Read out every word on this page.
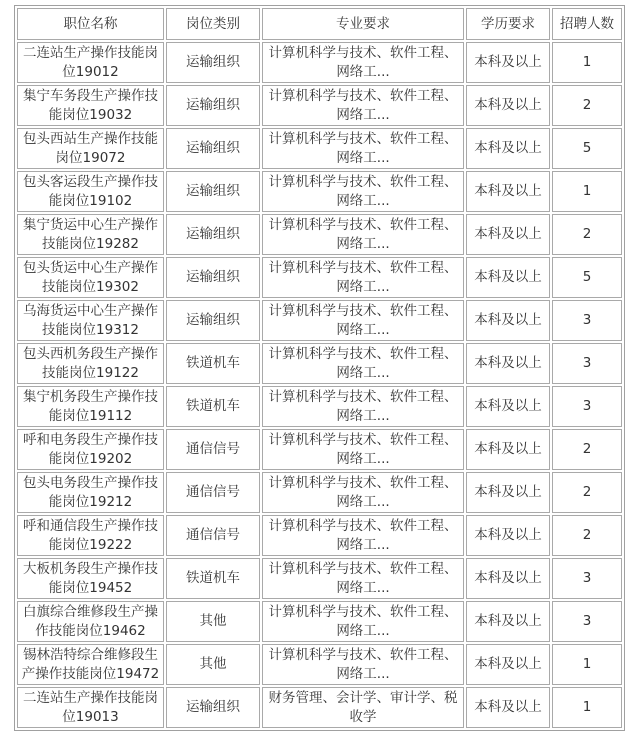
职位名称	岗位类别	专业要求	学历要求	招聘人数
二连站生产操作技能岗位19012	运输组织	计算机科学与技术、软件工程、网络工...	本科及以上	1
集宁车务段生产操作技能岗位19032	运输组织	计算机科学与技术、软件工程、网络工...	本科及以上	2
包头西站生产操作技能岗位19072	运输组织	计算机科学与技术、软件工程、网络工...	本科及以上	5
包头客运段生产操作技能岗位19102	运输组织	计算机科学与技术、软件工程、网络工...	本科及以上	1
集宁货运中心生产操作技能岗位19282	运输组织	计算机科学与技术、软件工程、网络工...	本科及以上	2
包头货运中心生产操作技能岗位19302	运输组织	计算机科学与技术、软件工程、网络工...	本科及以上	5
乌海货运中心生产操作技能岗位19312	运输组织	计算机科学与技术、软件工程、网络工...	本科及以上	3
包头西机务段生产操作技能岗位19122	铁道机车	计算机科学与技术、软件工程、网络工...	本科及以上	3
集宁机务段生产操作技能岗位19112	铁道机车	计算机科学与技术、软件工程、网络工...	本科及以上	3
呼和电务段生产操作技能岗位19202	通信信号	计算机科学与技术、软件工程、网络工...	本科及以上	2
包头电务段生产操作技能岗位19212	通信信号	计算机科学与技术、软件工程、网络工...	本科及以上	2
呼和通信段生产操作技能岗位19222	通信信号	计算机科学与技术、软件工程、网络工...	本科及以上	2
大板机务段生产操作技能岗位19452	铁道机车	计算机科学与技术、软件工程、网络工...	本科及以上	3
白旗综合维修段生产操作技能岗位19462	其他	计算机科学与技术、软件工程、网络工...	本科及以上	3
锡林浩特综合维修段生产操作技能岗位19472	其他	计算机科学与技术、软件工程、网络工...	本科及以上	1
二连站生产操作技能岗位19013	运输组织	财务管理、会计学、审计学、税收学	本科及以上	1
